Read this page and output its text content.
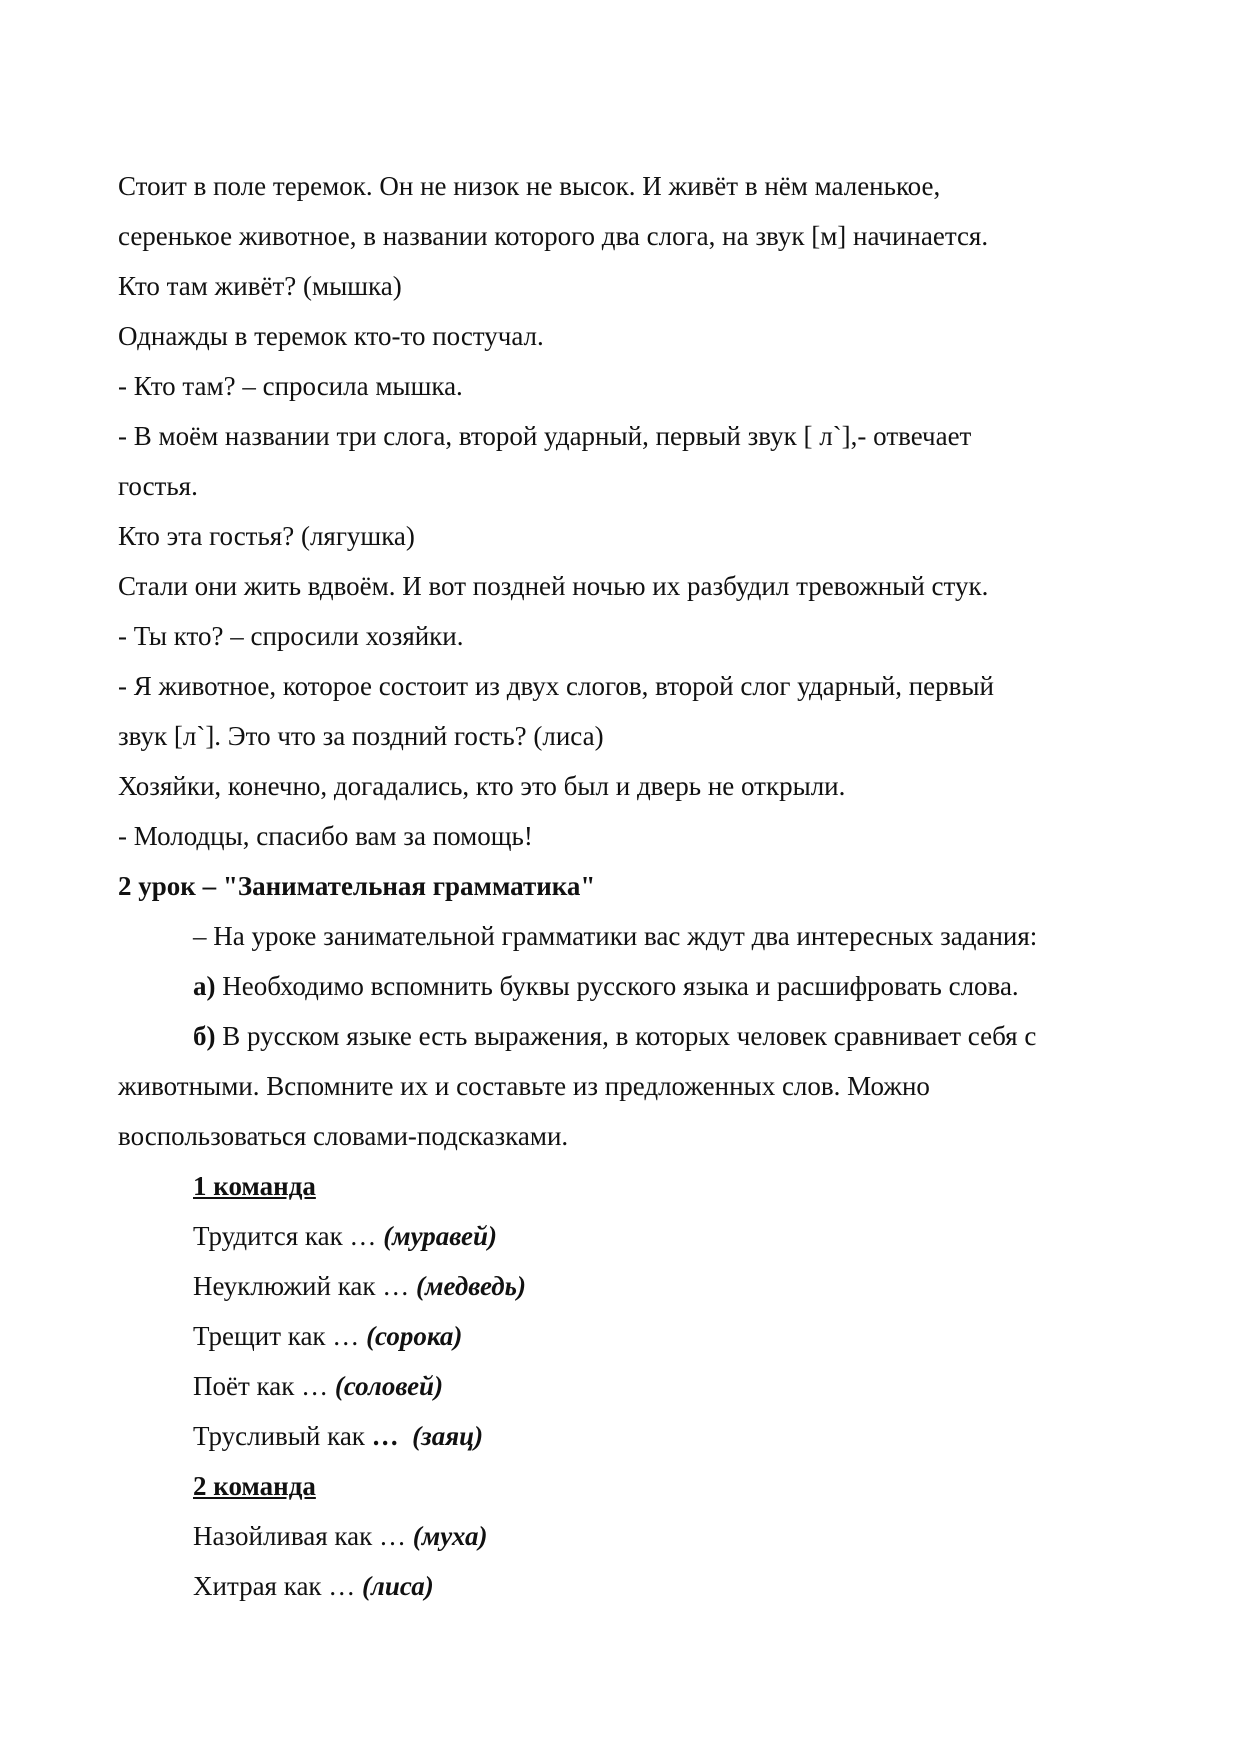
Стоит в поле теремок. Он не низок не высок. И живёт в нём маленькое,
серенькое животное, в названии которого два слога, на звук [м] начинается.
Кто там живёт? (мышка)
Однажды в теремок кто-то постучал.
- Кто там? – спросила мышка.
- В моём названии три слога, второй ударный, первый звук [ л`],- отвечает
гостья.
Кто эта гостья? (лягушка)
Стали они жить вдвоём. И вот поздней ночью их разбудил тревожный стук.
- Ты кто? – спросили хозяйки.
- Я животное, которое состоит из двух слогов, второй слог ударный, первый
звук [л`]. Это что за поздний гость? (лиса)
Хозяйки, конечно, догадались, кто это был и дверь не открыли.
- Молодцы, спасибо вам за помощь!
2 урок – "Занимательная грамматика"
– На уроке занимательной грамматики вас ждут два интересных задания:
а) Необходимо вспомнить буквы русского языка и расшифровать слова.
б) В русском языке есть выражения, в которых человек сравнивает себя с
животными. Вспомните их и составьте из предложенных слов. Можно
воспользоваться словами-подсказками.
1 команда
Трудится как … (муравей)
Неуклюжий как … (медведь)
Трещит как … (сорока)
Поёт как … (соловей)
Трусливый как …  (заяц)
2 команда
Назойливая как … (муха)
Хитрая как … (лиса)
